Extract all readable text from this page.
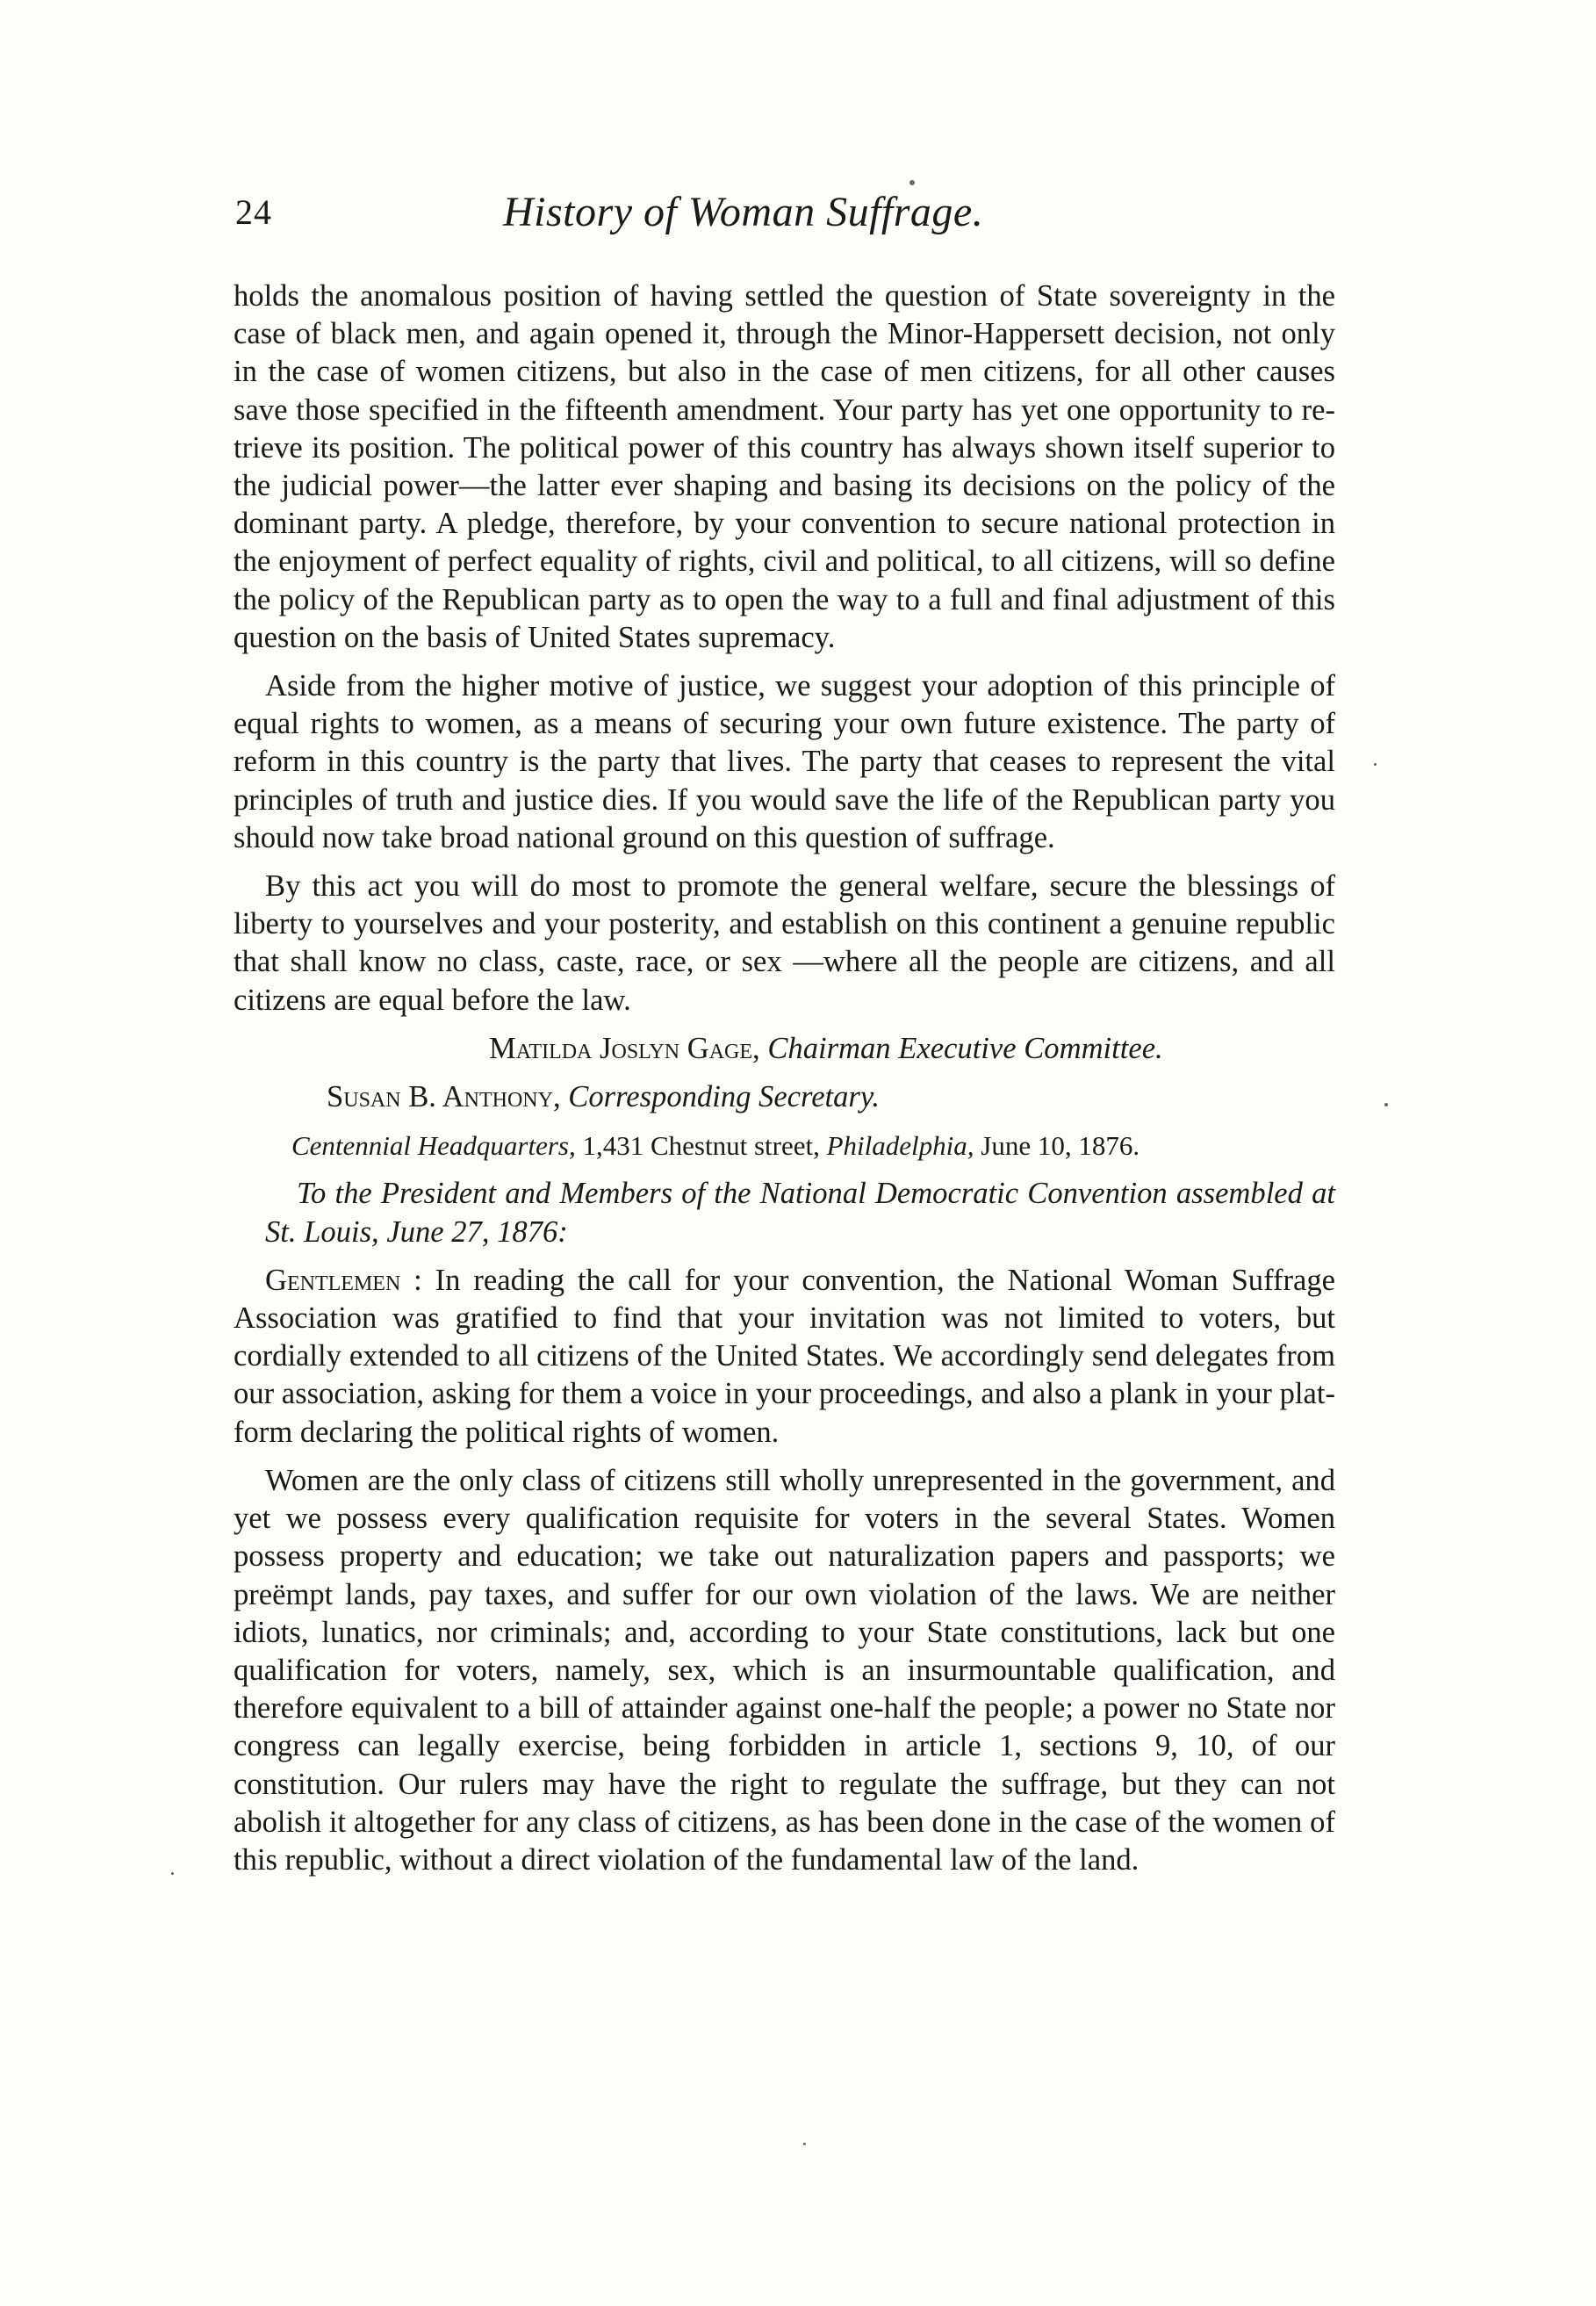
24	History of Woman Suffrage.

holds the anomalous position of having settled the question of State sovereignty in the case of black men, and again opened it, through the Minor-Happersett decision, not only in the case of women citizens, but also in the case of men citizens, for all other causes save those specified in the fifteenth amendment. Your party has yet one opportunity to retrieve its position. The political power of this country has always shown itself superior to the judicial power—the latter ever shaping and basing its decisions on the policy of the dominant party. A pledge, therefore, by your convention to secure national protection in the enjoyment of perfect equality of rights, civil and political, to all citizens, will so define the policy of the Republican party as to open the way to a full and final adjustment of this question on the basis of United States supremacy.

Aside from the higher motive of justice, we suggest your adoption of this principle of equal rights to women, as a means of securing your own future existence. The party of reform in this country is the party that lives. The party that ceases to represent the vital principles of truth and justice dies. If you would save the life of the Republican party you should now take broad national ground on this question of suffrage.

By this act you will do most to promote the general welfare, secure the blessings of liberty to yourselves and your posterity, and establish on this continent a genuine republic that shall know no class, caste, race, or sex —where all the people are citizens, and all citizens are equal before the law.

Matilda Joslyn Gage, Chairman Executive Committee.

Susan B. Anthony, Corresponding Secretary.

Centennial Headquarters, 1,431 Chestnut street, Philadelphia, June 10, 1876.

To the President and Members of the National Democratic Convention assembled at St. Louis, June 27, 1876:

Gentlemen : In reading the call for your convention, the National Woman Suffrage Association was gratified to find that your invitation was not limited to voters, but cordially extended to all citizens of the United States. We accordingly send delegates from our association, asking for them a voice in your proceedings, and also a plank in your platform declaring the political rights of women.

Women are the only class of citizens still wholly unrepresented in the government, and yet we possess every qualification requisite for voters in the several States. Women possess property and education; we take out naturalization papers and passports; we preëmpt lands, pay taxes, and suffer for our own violation of the laws. We are neither idiots, lunatics, nor criminals; and, according to your State constitutions, lack but one qualification for voters, namely, sex, which is an insurmountable qualification, and therefore equivalent to a bill of attainder against one-half the people; a power no State nor congress can legally exercise, being forbidden in article 1, sections 9, 10, of our constitution. Our rulers may have the right to regulate the suffrage, but they can not abolish it altogether for any class of citizens, as has been done in the case of the women of this republic, without a direct violation of the fundamental law of the land.
